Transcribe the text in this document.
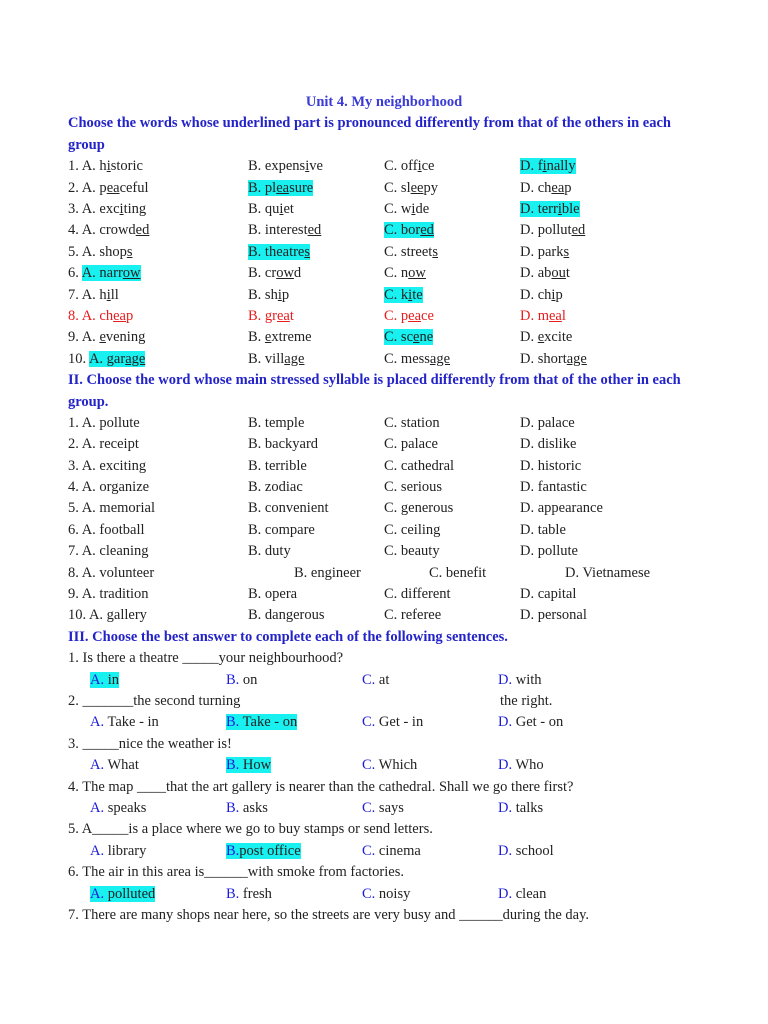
Unit 4. My neighborhood
Choose the words whose underlined part is pronounced differently from that of the others in each group
1. A. historic	B. expensive	C. office	D. finally
2. A. peaceful	B. pleasure	C. sleepy	D. cheap
3. A. exciting	B. quiet	C. wide	D. terrible
4. A. crowded	B. interested	C. bored	D. polluted
5. A. shops	B. theatres	C. streets	D. parks
6. A. narrow	B. crowd	C. now	D. about
7. A. hill	B. ship	C. kite	D. chip
8. A. cheap	B. great	C. peace	D. meal
9. A. evening	B. extreme	C. scene	D. excite
10. A. garage	B. village	C. message	D. shortage
II. Choose the word whose main stressed syllable is placed differently from that of the other in each group.
1. A. pollute	B. temple	C. station	D. palace
2. A. receipt	B. backyard	C. palace	D. dislike
3. A. exciting	B. terrible	C. cathedral	D. historic
4. A. organize	B. zodiac	C. serious	D. fantastic
5. A. memorial	B. convenient	C. generous	D. appearance
6. A. football	B. compare	C. ceiling	D. table
7. A. cleaning	B. duty	C. beauty	D. pollute
8. A. volunteer	B. engineer	C. benefit	D. Vietnamese
9. A. tradition	B. opera	C. different	D. capital
10. A. gallery	B. dangerous	C. referee	D. personal
III. Choose the best answer to complete each of the following sentences.
1. Is there a theatre _____your neighbourhood?
A. in	B. on	C. at	D. with
2. _______the second turning	the right.
A. Take - in	B. Take - on	C. Get - in	D. Get - on
3. _____nice the weather is!
A. What	B. How	C. Which	D. Who
4. The map ____that the art gallery is nearer than the cathedral. Shall we go there first?
A. speaks	B. asks	C. says	D. talks
5. A_____is a place where we go to buy stamps or send letters.
A. library	B.post office	C. cinema	D. school
6. The air in this area is______with smoke from factories.
A. polluted	B. fresh	C. noisy	D. clean
7. There are many shops near here, so the streets are very busy and ______during the day.
